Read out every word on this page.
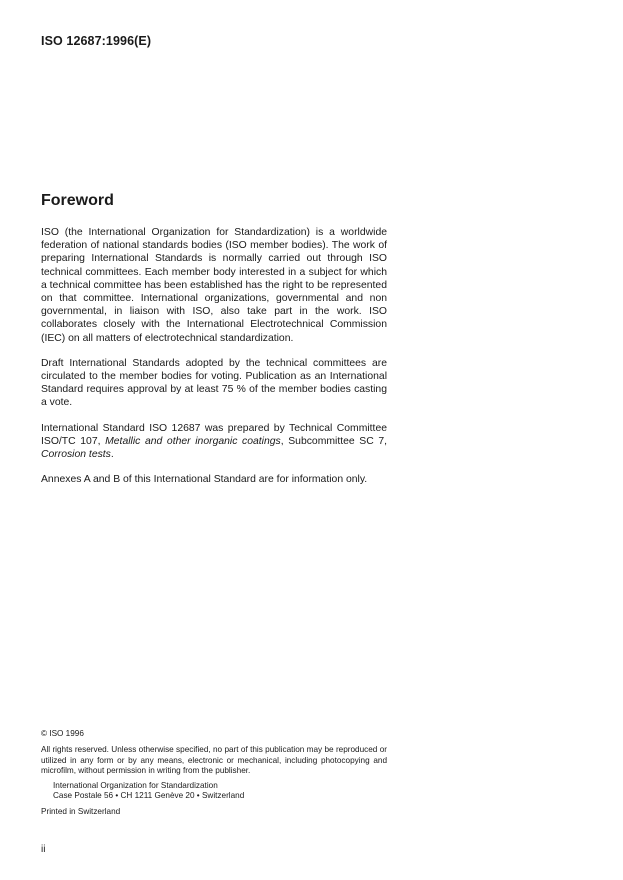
ISO 12687:1996(E)
Foreword

ISO (the International Organization for Standardization) is a worldwide federation of national standards bodies (ISO member bodies). The work of preparing International Standards is normally carried out through ISO technical committees. Each member body interested in a subject for which a technical committee has been established has the right to be represented on that committee. International organizations, governmental and non governmental, in liaison with ISO, also take part in the work. ISO collaborates closely with the International Electrotechnical Commission (IEC) on all matters of electrotechnical standardization.

Draft International Standards adopted by the technical committees are circulated to the member bodies for voting. Publication as an International Standard requires approval by at least 75 % of the member bodies casting a vote.

International Standard ISO 12687 was prepared by Technical Committee ISO/TC 107, Metallic and other inorganic coatings, Subcommittee SC 7, Corrosion tests.

Annexes A and B of this International Standard are for information only.

© ISO 1996

All rights reserved. Unless otherwise specified, no part of this publication may be reproduced or utilized in any form or by any means, electronic or mechanical, including photocopying and microfilm, without permission in writing from the publisher.

International Organization for Standardization

Case Postale 56 • CH 1211 Genève 20 • Switzerland

Printed in Switzerland

ii
